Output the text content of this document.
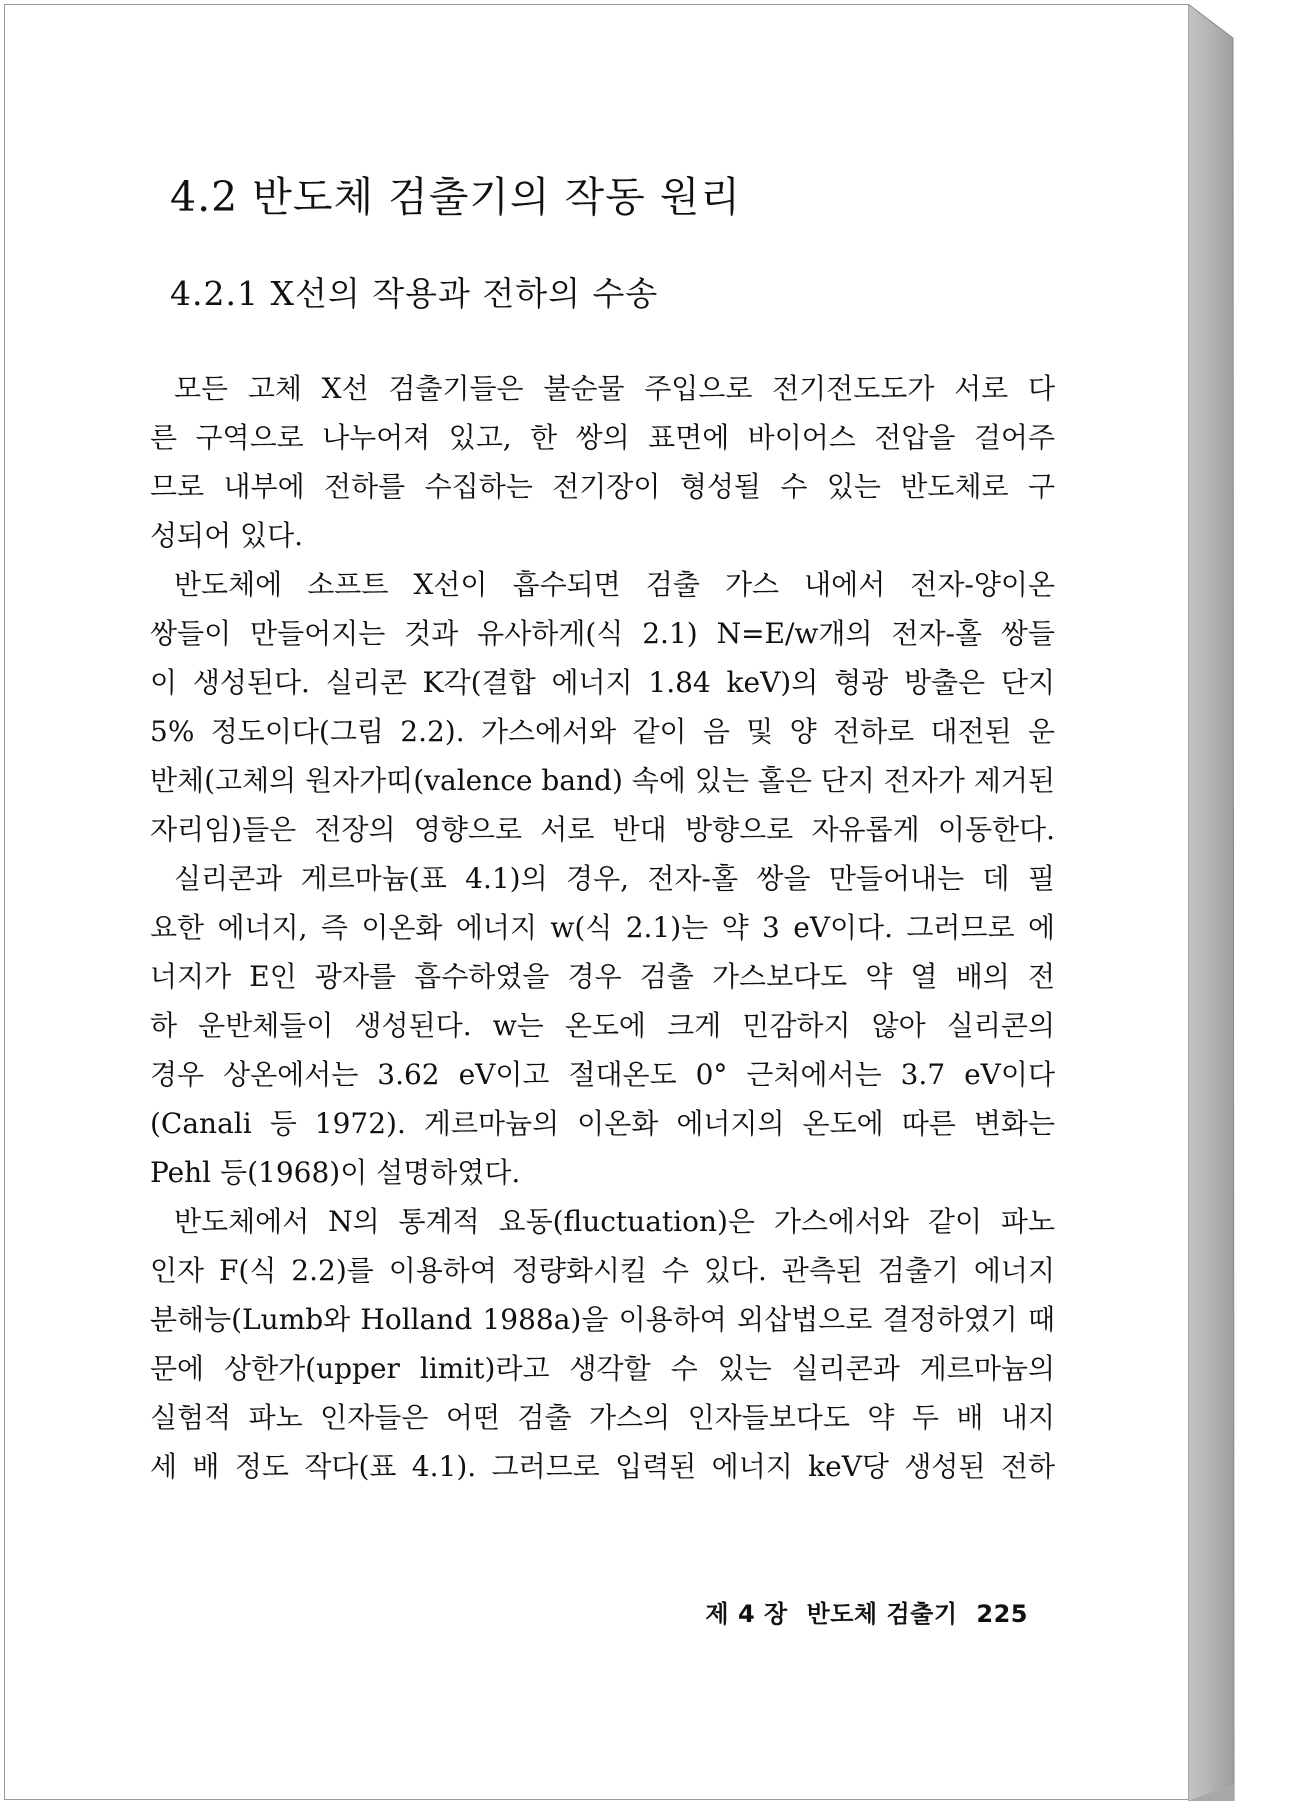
4.2 반도체 검출기의 작동 원리
4.2.1 X선의 작용과 전하의 수송
모든 고체 X선 검출기들은 불순물 주입으로 전기전도도가 서로 다
른 구역으로 나누어져 있고, 한 쌍의 표면에 바이어스 전압을 걸어주
므로 내부에 전하를 수집하는 전기장이 형성될 수 있는 반도체로 구
성되어 있다.
반도체에 소프트 X선이 흡수되면 검출 가스 내에서 전자-양이온
쌍들이 만들어지는 것과 유사하게(식 2.1) N=E/w개의 전자-홀 쌍들
이 생성된다. 실리콘 K각(결합 에너지 1.84 keV)의 형광 방출은 단지
5% 정도이다(그림 2.2). 가스에서와 같이 음 및 양 전하로 대전된 운
반체(고체의 원자가띠(valence band) 속에 있는 홀은 단지 전자가 제거된
자리임)들은 전장의 영향으로 서로 반대 방향으로 자유롭게 이동한다.
실리콘과 게르마늄(표 4.1)의 경우, 전자-홀 쌍을 만들어내는 데 필
요한 에너지, 즉 이온화 에너지 w(식 2.1)는 약 3 eV이다. 그러므로 에
너지가 E인 광자를 흡수하였을 경우 검출 가스보다도 약 열 배의 전
하 운반체들이 생성된다. w는 온도에 크게 민감하지 않아 실리콘의
경우 상온에서는 3.62 eV이고 절대온도 0° 근처에서는 3.7 eV이다
(Canali 등 1972). 게르마늄의 이온화 에너지의 온도에 따른 변화는
Pehl 등(1968)이 설명하였다.
반도체에서 N의 통계적 요동(fluctuation)은 가스에서와 같이 파노
인자 F(식 2.2)를 이용하여 정량화시킬 수 있다. 관측된 검출기 에너지
분해능(Lumb와 Holland 1988a)을 이용하여 외삽법으로 결정하였기 때
문에 상한가(upper limit)라고 생각할 수 있는 실리콘과 게르마늄의
실험적 파노 인자들은 어떤 검출 가스의 인자들보다도 약 두 배 내지
세 배 정도 작다(표 4.1). 그러므로 입력된 에너지 keV당 생성된 전하
제 4 장 반도체 검출기 225
